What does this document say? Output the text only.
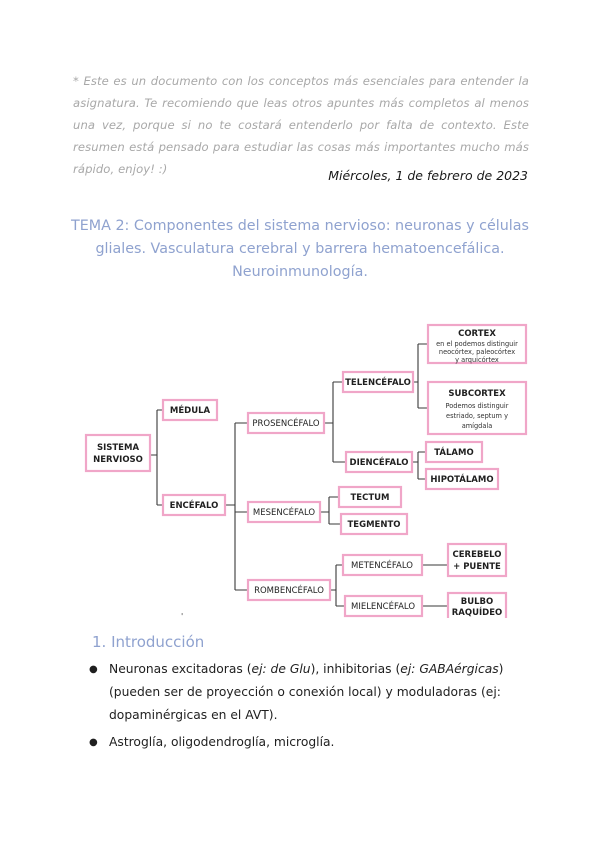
* Este es un documento con los conceptos más esenciales para entender la asignatura. Te recomiendo que leas otros apuntes más completos al menos una vez, porque si no te costará entenderlo por falta de contexto. Este resumen está pensado para estudiar las cosas más importantes mucho más rápido, enjoy! :)	Miércoles, 1 de febrero de 2023
TEMA 2: Componentes del sistema nervioso: neuronas y células gliales. Vasculatura cerebral y barrera hematoencefálica. Neuroinmunología.
SISTEMA
NERVIOSO
MÉDULA
ENCÉFALO
PROSENCÉFALO
MESENCÉFALO
ROMBENCÉFALO
TELENCÉFALO
DIENCÉFALO
TECTUM
TEGMENTO
METENCÉFALO
MIELENCÉFALO
CORTEX
en el podemos distinguir
neocórtex, paleocórtex
y arquicórtex
SUBCORTEX
Podemos distinguir
estriado, septum y
amígdala
TÁLAMO
HIPOTÁLAMO
CEREBELO
+ PUENTE
BULBO
RAQUÍDEO
'
1. Introducción
● Neuronas excitadoras (ej: de Glu), inhibitorias (ej: GABAérgicas) (pueden ser de proyección o conexión local) y moduladoras (ej: dopaminérgicas en el AVT).
● Astroglía, oligodendroglía, microglía.
